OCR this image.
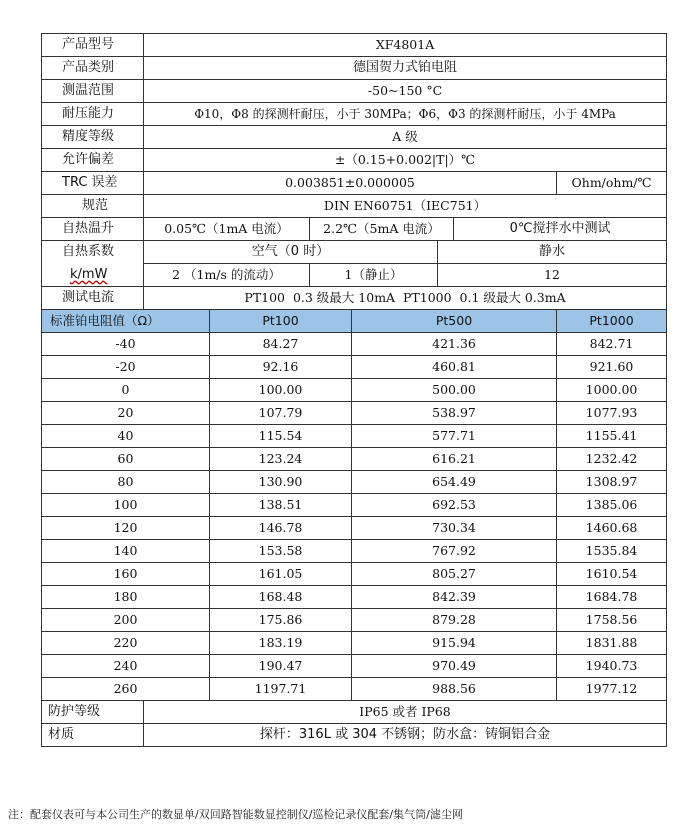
产品型号	XF4801A						
产品类别	德国贺力式铂电阻						
测温范围	-50~150 °C						
耐压能力	Φ10，Φ8 的探测杆耐压，小于 30MPa；Φ6，Φ3 的探测杆耐压，小于 4MPa						
精度等级	A 级						
允许偏差	±（0.15+0.002|T|）℃						
TRC 误差	0.003851±0.000005						Ohm/ohm/℃
规范	DIN EN60751（IEC751）						
自热温升	0.05℃（1mA 电流）		2.2℃（5mA 电流）			0℃搅拌水中测试	
自热系数	空气（0 时）				静水		
k/mW	2 （1m/s 的流动）		1（静止）		12		
测试电流	PT100  0.3 级最大 10mA  PT1000  0.1 级最大 0.3mA						
标准铂电阻值（Ω）		Pt100		Pt500			Pt1000
-40		84.27		421.36			842.71
-20		92.16		460.81			921.60
0		100.00		500.00			1000.00
20		107.79		538.97			1077.93
40		115.54		577.71			1155.41
60		123.24		616.21			1232.42
80		130.90		654.49			1308.97
100		138.51		692.53			1385.06
120		146.78		730.34			1460.68
140		153.58		767.92			1535.84
160		161.05		805.27			1610.54
180		168.48		842.39			1684.78
200		175.86		879.28			1758.56
220		183.19		915.94			1831.88
240		190.47		970.49			1940.73
260		1197.71		988.56			1977.12
防护等级	IP65 或者 IP68						
材质	探杆：316L 或 304 不锈钢；防水盒：铸铜铝合金						
注：配套仪表可与本公司生产的数显单/双回路智能数显控制仪/巡检记录仪配套/集气筒/滤尘网
